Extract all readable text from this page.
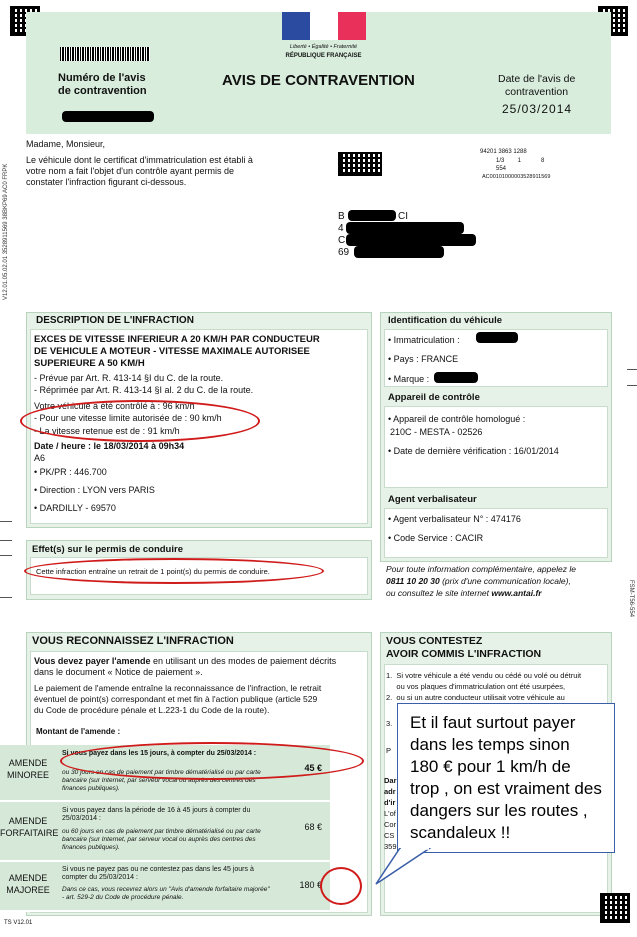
Liberté • Égalité • Fraternité
RÉPUBLIQUE FRANÇAISE
Numéro de l'avis
de contravention
AVIS DE CONTRAVENTION	Date de l'avis de
contravention
25/03/2014
Madame, Monsieur,
Le véhicule dont le certificat d'immatriculation est établi à
votre nom a fait l'objet d'un contrôle ayant permis de
constater l'infraction figurant ci-dessous.
94201 3863 1288
1/3        1            8
554
AC001010000035289115​69
B	CI
4
C
69
V12.01.05.02.01 3528911569 38BKP69 AC0 FRPK
FSM-T56-554
DESCRIPTION DE L'INFRACTION
EXCES DE VITESSE INFERIEUR A 20 KM/H PAR CONDUCTEUR
DE VEHICULE A MOTEUR - VITESSE MAXIMALE AUTORISEE
SUPERIEURE A 50 KM/H
- Prévue par Art. R. 413-14 §I du C. de la route.
- Réprimée par Art. R. 413-14 §I al. 2 du C. de la route.
Votre véhicule a été contrôlé à : 96 km/h
- Pour une vitesse limite autorisée de : 90 km/h
- La vitesse retenue est de : 91 km/h
Date / heure : le 18/03/2014 à 09h34
A6
• PK/PR : 446.700
• Direction : LYON vers PARIS
• DARDILLY - 69570
Effet(s) sur le permis de conduire
Cette infraction entraîne un retrait de 1 point(s) du permis de conduire.
Identification du véhicule
• Immatriculation :
• Pays : FRANCE
• Marque :
Appareil de contrôle
• Appareil de contrôle homologué :
210C - MESTA - 02526
• Date de dernière vérification : 16/01/2014
Agent verbalisateur
• Agent verbalisateur N° : 474176
• Code Service : CACIR
Pour toute information complémentaire, appelez le
0811 10 20 30 (prix d'une communication locale),
ou consultez le site internet www.antai.fr
VOUS RECONNAISSEZ L'INFRACTION
Vous devez payer l'amende en utilisant un des modes de paiement décrits
dans le document « Notice de paiement ».
Le paiement de l'amende entraîne la reconnaissance de l'infraction, le retrait
éventuel de point(s) correspondant et met fin à l'action publique (article 529
du Code de procédure pénale et L.223-1 du Code de la route).
Montant de l'amende :
AMENDE
MINOREE
Si vous payez dans les 15 jours, à compter du 25/03/2014 :
ou 30 jours en cas de paiement par timbre dématérialisé ou par carte bancaire (sur Internet, par serveur vocal ou auprès des centres des finances publiques).
45 €
AMENDE
FORFAITAIRE
Si vous payez dans la période de 16 à 45 jours à compter du 25/03/2014 :
ou 60 jours en cas de paiement par timbre dématérialisé ou par carte bancaire (sur Internet, par serveur vocal ou auprès des centres des finances publiques).
68 €
AMENDE
MAJOREE
Si vous ne payez pas ou ne contestez pas dans les 45 jours à compter du 25/03/2014 :
Dans ce cas, vous recevrez alors un "Avis d'amende forfaitaire majorée" - art. 529-2 du Code de procédure pénale.
180 €
VOUS CONTESTEZ
AVOIR COMMIS L'INFRACTION
1.  Si votre véhicule a été vendu ou cédé ou volé ou détruit
ou vos plaques d'immatriculation ont été usurpées,
2.  ou si un autre conducteur utilisait votre véhicule au
3.
P
Dar
adr
d'ir
L'of
Cor
CS
359
Et il faut surtout payer dans les temps sinon 180 € pour 1 km/h de trop , on est vraiment des dangers sur les routes , scandaleux !!
TS V12.01
